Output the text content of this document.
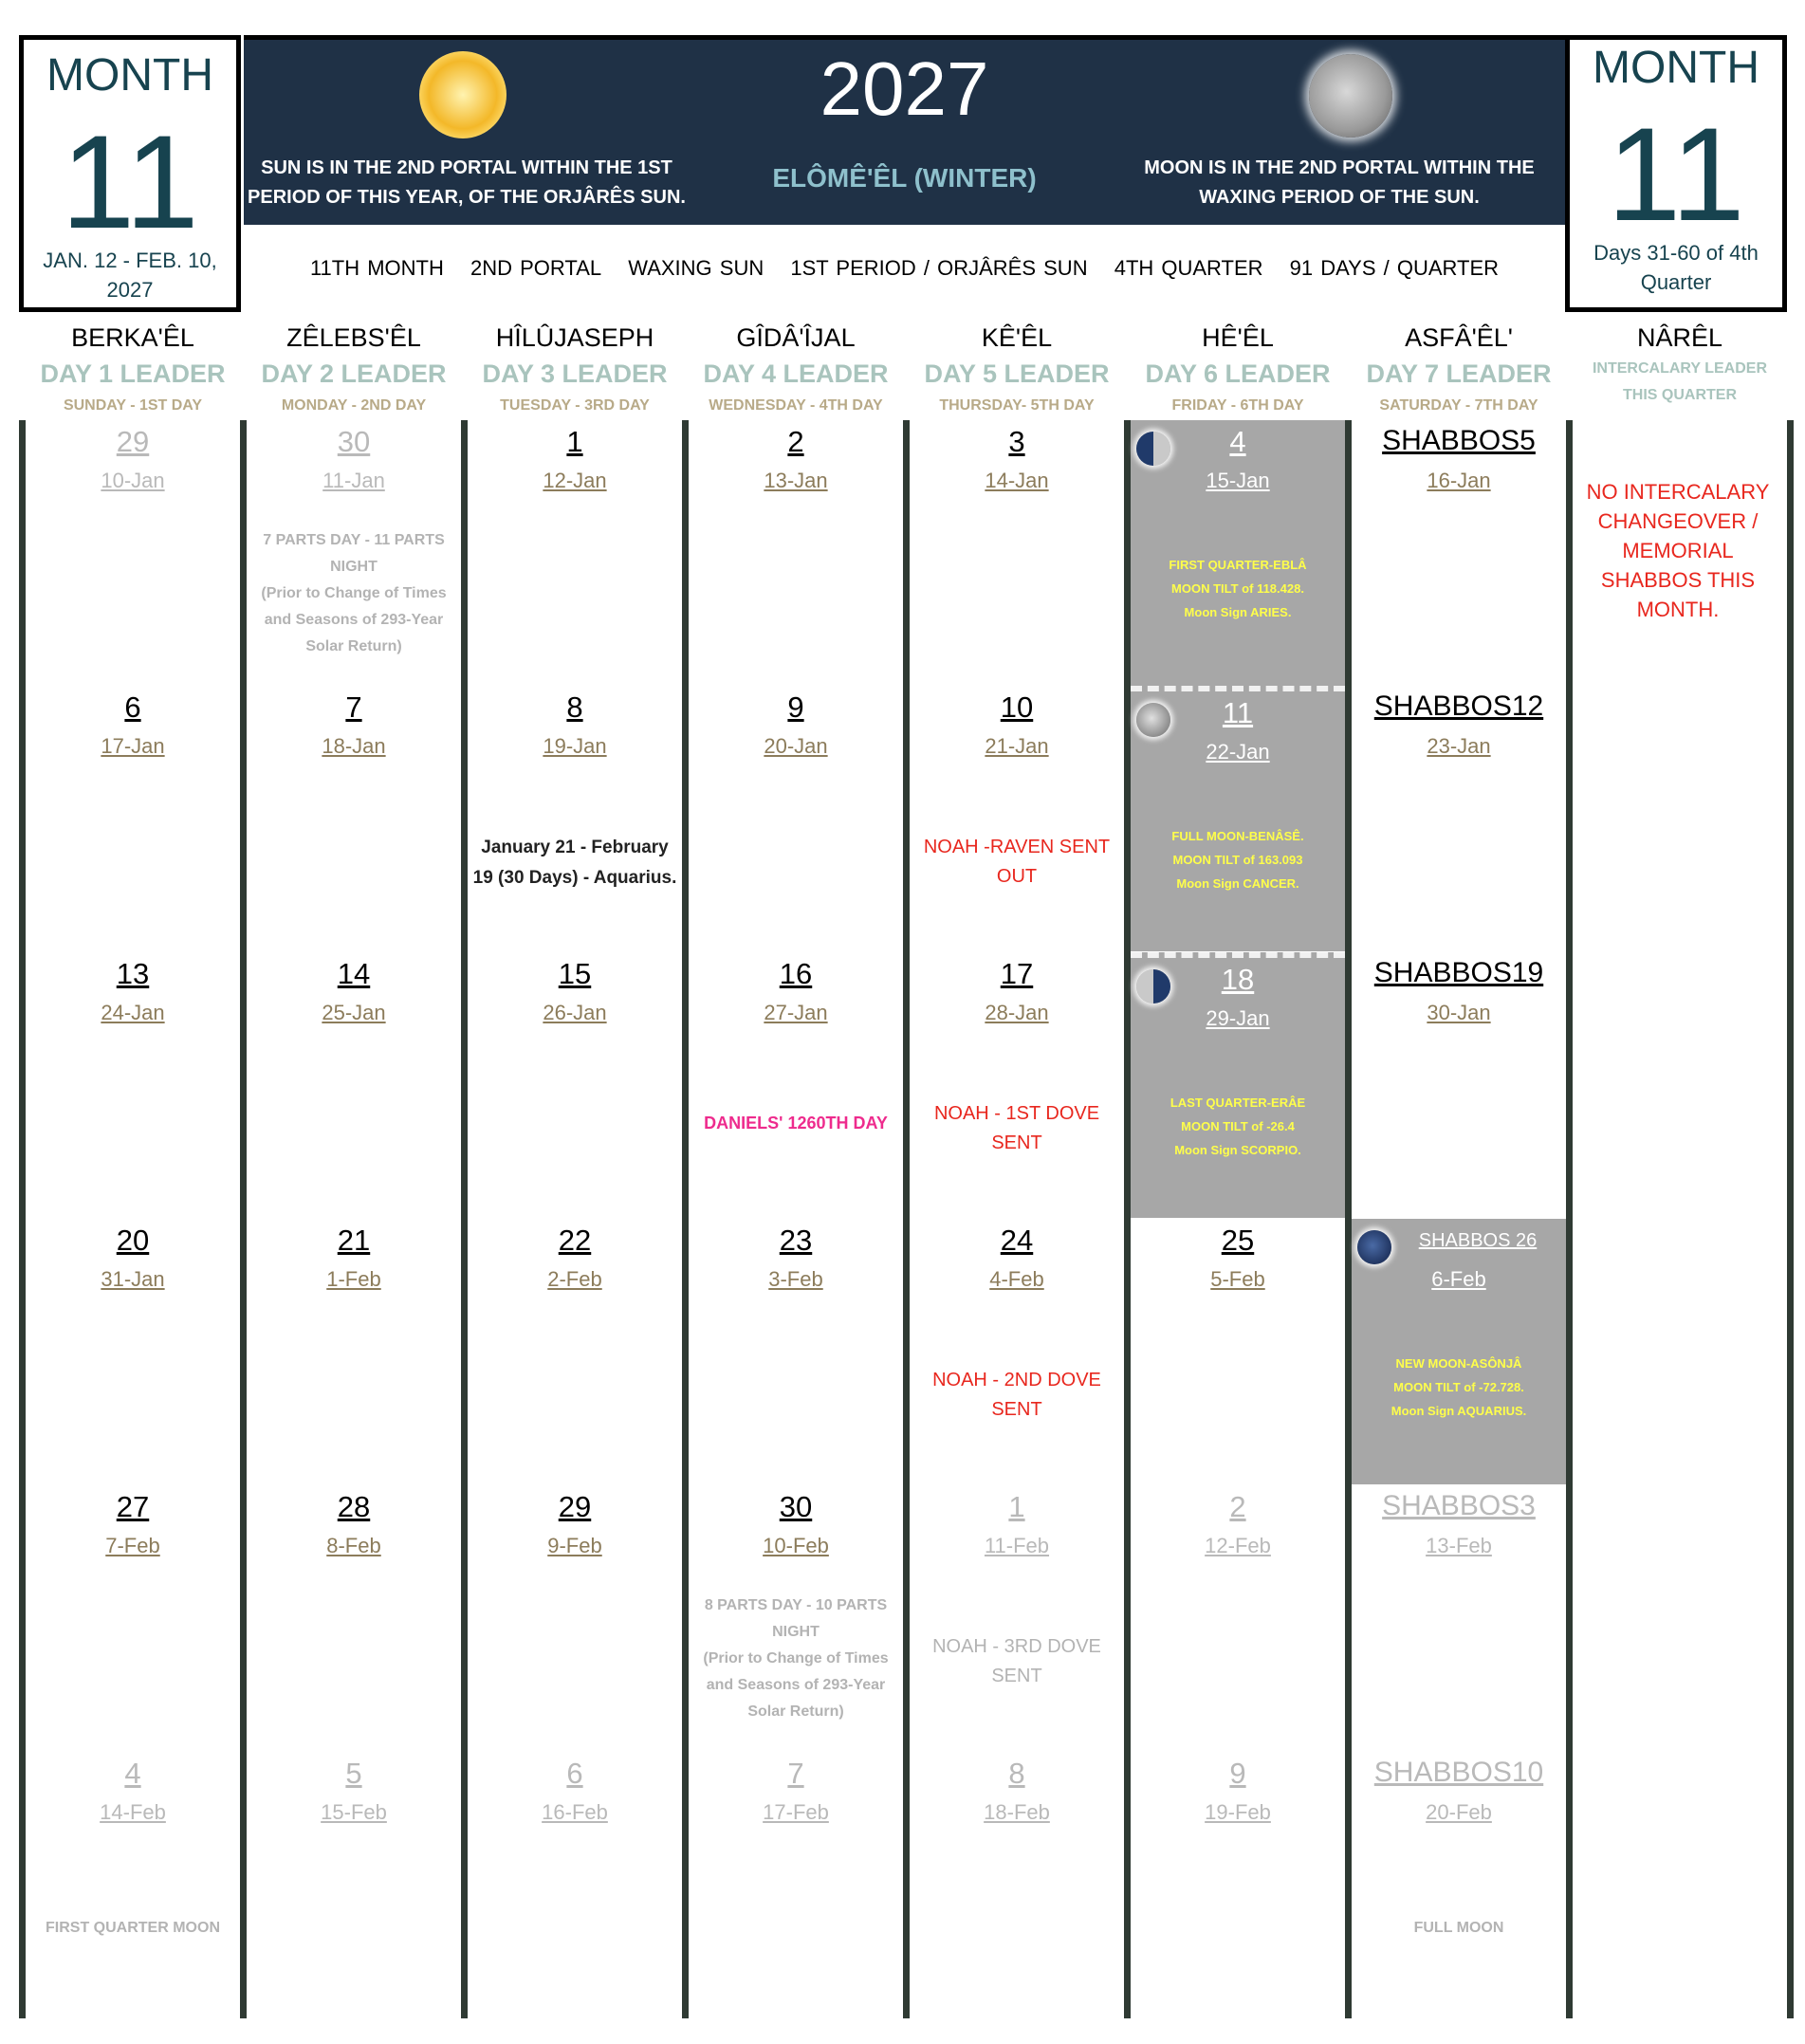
MONTH
11
JAN. 12 - FEB. 10,
2027
2027
ELÔMÊ'ÊL (WINTER)
SUN IS IN THE 2ND PORTAL WITHIN THE 1ST
PERIOD OF THIS YEAR, OF THE ORJÂRÊS SUN.
MOON IS IN THE 2ND PORTAL WITHIN THE
WAXING PERIOD OF THE SUN.
MONTH
11
Days 31-60 of 4th
Quarter
11TH MONTH 2ND PORTAL WAXING SUN 1ST PERIOD / ORJÂRÊS SUN 4TH QUARTER 91 DAYS / QUARTER
BERKA'ÊL
DAY 1 LEADER
SUNDAY - 1ST DAY
ZÊLEBS'ÊL
DAY 2 LEADER
MONDAY - 2ND DAY
HÎLÛJASEPH
DAY 3 LEADER
TUESDAY - 3RD DAY
GÎDÂ'ÎJAL
DAY 4 LEADER
WEDNESDAY - 4TH DAY
KÊ'ÊL
DAY 5 LEADER
THURSDAY- 5TH DAY
HÊ'ÊL
DAY 6 LEADER
FRIDAY - 6TH DAY
ASFÂ'ÊL'
DAY 7 LEADER
SATURDAY - 7TH DAY
NÂRÊL
INTERCALARY LEADER
THIS QUARTER
29
10-Jan
30
11-Jan
7 PARTS DAY - 11 PARTS
NIGHT
(Prior to Change of Times
and Seasons of 293-Year
Solar Return)
1
12-Jan
2
13-Jan
3
14-Jan
4
15-Jan
FIRST QUARTER-EBLÂ
MOON TILT of 118.428.
Moon Sign ARIES.
SHABBOS5
16-Jan
6
17-Jan
7
18-Jan
8
19-Jan
January 21 - February
19 (30 Days) - Aquarius.
9
20-Jan
10
21-Jan
NOAH -RAVEN SENT
OUT
11
22-Jan
FULL MOON-BENÂSÊ.
MOON TILT of 163.093
Moon Sign CANCER.
SHABBOS12
23-Jan
13
24-Jan
14
25-Jan
15
26-Jan
16
27-Jan
DANIELS' 1260TH DAY
17
28-Jan
NOAH - 1ST DOVE
SENT
18
29-Jan
LAST QUARTER-ERÂE
MOON TILT of -26.4
Moon Sign SCORPIO.
SHABBOS19
30-Jan
20
31-Jan
21
1-Feb
22
2-Feb
23
3-Feb
24
4-Feb
NOAH - 2ND DOVE
SENT
25
5-Feb
SHABBOS 26
6-Feb
NEW MOON-ASÔNJÂ
MOON TILT of -72.728.
Moon Sign AQUARIUS.
27
7-Feb
28
8-Feb
29
9-Feb
30
10-Feb
8 PARTS DAY - 10 PARTS
NIGHT
(Prior to Change of Times
and Seasons of 293-Year
Solar Return)
1
11-Feb
NOAH - 3RD DOVE
SENT
2
12-Feb
SHABBOS3
13-Feb
4
14-Feb
FIRST QUARTER MOON
5
15-Feb
6
16-Feb
7
17-Feb
8
18-Feb
9
19-Feb
SHABBOS10
20-Feb
FULL MOON
NO INTERCALARY
CHANGEOVER /
MEMORIAL
SHABBOS THIS
MONTH.
